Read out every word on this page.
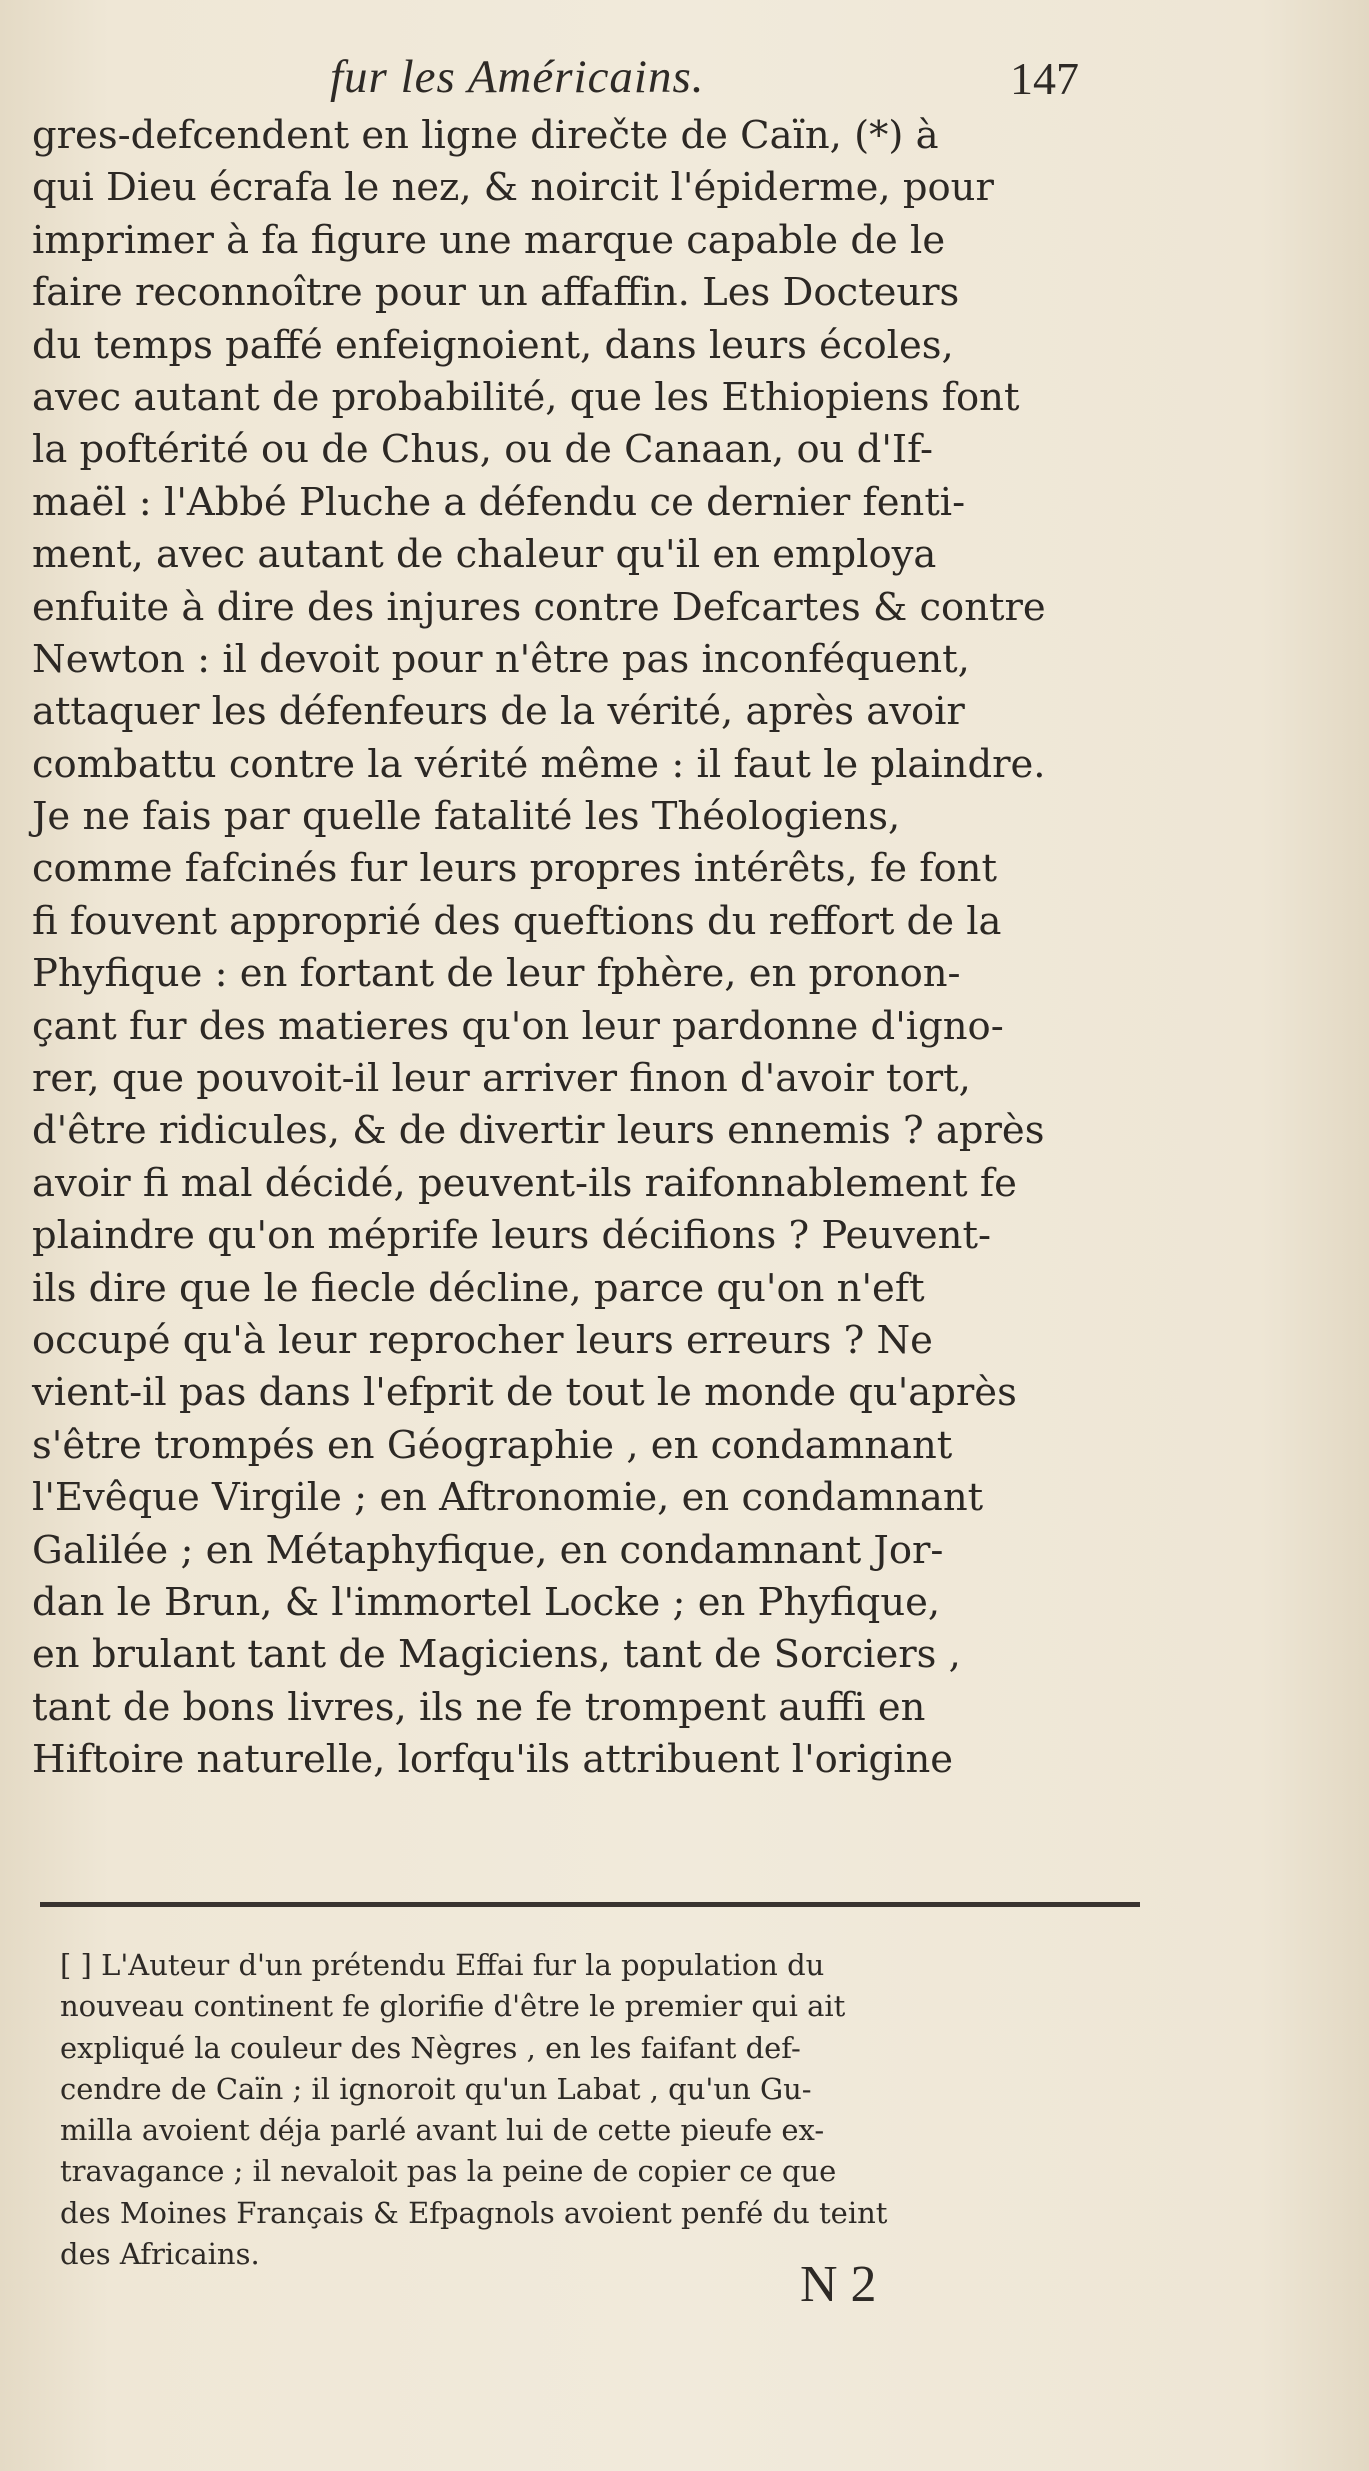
fur les Américains.	147
gres-defcendent en ligne direčte de Caïn, (*) à
qui Dieu écrafa le nez, & noircit l'épiderme, pour
imprimer à fa figure une marque capable de le
faire reconnoître pour un affaffin. Les Docteurs
du temps paffé enfeignoient, dans leurs écoles,
avec autant de probabilité, que les Ethiopiens font
la poftérité ou de Chus, ou de Canaan, ou d'If-
maël : l'Abbé Pluche a défendu ce dernier fenti-
ment, avec autant de chaleur qu'il en employa
enfuite à dire des injures contre Defcartes & contre
Newton : il devoit pour n'être pas inconféquent,
attaquer les défenfeurs de la vérité, après avoir
combattu contre la vérité même : il faut le plaindre.
Je ne fais par quelle fatalité les Théologiens,
comme fafcinés fur leurs propres intérêts, fe font
fi fouvent approprié des queftions du reffort de la
Phyfique : en fortant de leur fphère, en pronon-
çant fur des matieres qu'on leur pardonne d'igno-
rer, que pouvoit-il leur arriver finon d'avoir tort,
d'être ridicules, & de divertir leurs ennemis ? après
avoir fi mal décidé, peuvent-ils raifonnablement fe
plaindre qu'on méprife leurs décifions ? Peuvent-
ils dire que le fiecle décline, parce qu'on n'eft
occupé qu'à leur reprocher leurs erreurs ? Ne
vient-il pas dans l'efprit de tout le monde qu'après
s'être trompés en Géographie , en condamnant
l'Evêque Virgile ; en Aftronomie, en condamnant
Galilée ; en Métaphyfique, en condamnant Jor-
dan le Brun, & l'immortel Locke ; en Phyfique,
en brulant tant de Magiciens, tant de Sorciers ,
tant de bons livres, ils ne fe trompent auffi en
Hiftoire naturelle, lorfqu'ils attribuent l'origine
[ ] L'Auteur d'un prétendu Effai fur la population du
nouveau continent fe glorifie d'être le premier qui ait
expliqué la couleur des Nègres , en les faifant def-
cendre de Caïn ; il ignoroit qu'un Labat , qu'un Gu-
milla avoient déja parlé avant lui de cette pieufe ex-
travagance ; il nevaloit pas la peine de copier ce que
des Moines Français & Efpagnols avoient penfé du teint
des Africains.
N 2
